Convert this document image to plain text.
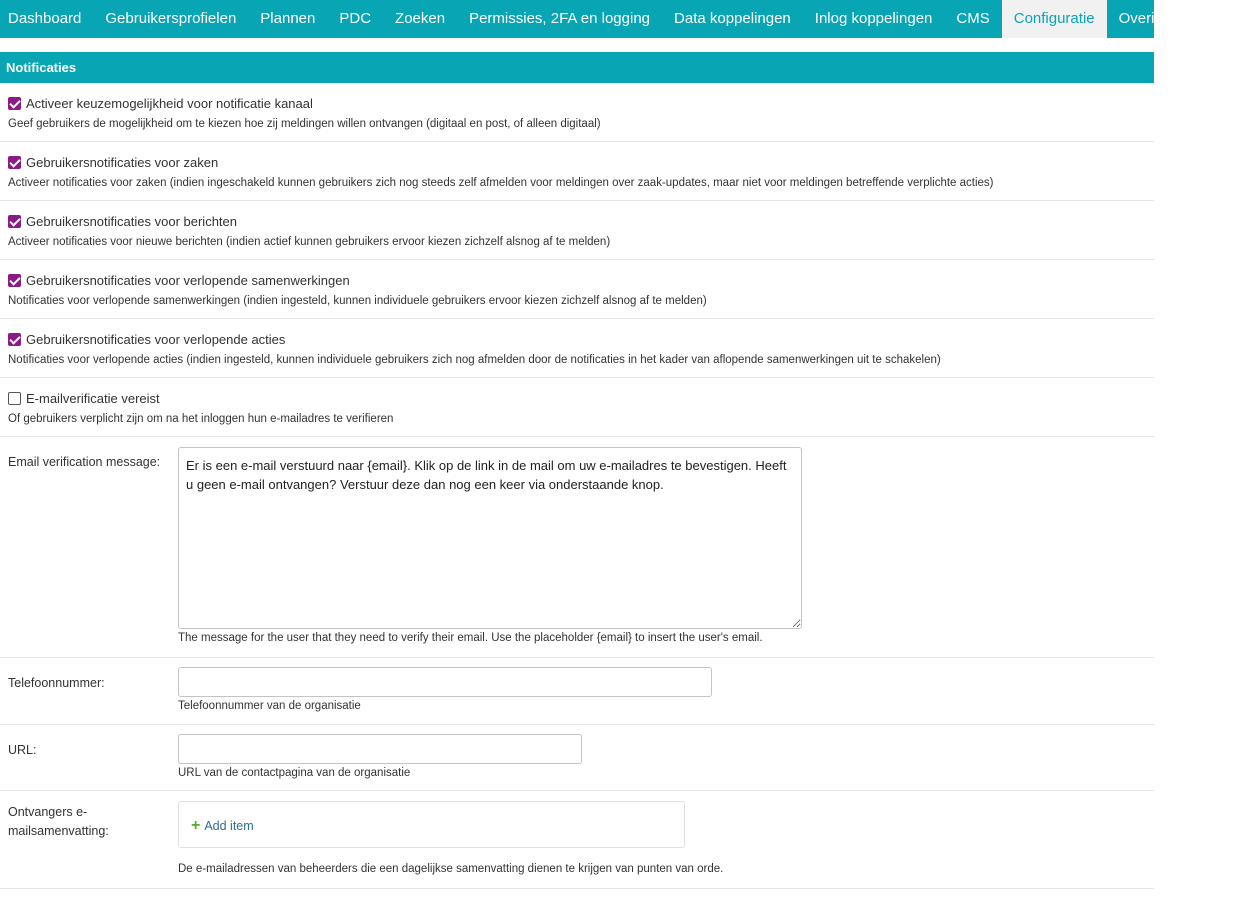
Dashboard	Gebruikersprofielen	Plannen	PDC	Zoeken	Permissies, 2FA en logging	Data koppelingen	Inlog koppelingen	CMS	Configuratie	Overige/Diverse
Notificaties
Activeer keuzemogelijkheid voor notificatie kanaal
Geef gebruikers de mogelijkheid om te kiezen hoe zij meldingen willen ontvangen (digitaal en post, of alleen digitaal)
Gebruikersnotificaties voor zaken
Activeer notificaties voor zaken (indien ingeschakeld kunnen gebruikers zich nog steeds zelf afmelden voor meldingen over zaak-updates, maar niet voor meldingen betreffende verplichte acties)
Gebruikersnotificaties voor berichten
Activeer notificaties voor nieuwe berichten (indien actief kunnen gebruikers ervoor kiezen zichzelf alsnog af te melden)
Gebruikersnotificaties voor verlopende samenwerkingen
Notificaties voor verlopende samenwerkingen (indien ingesteld, kunnen individuele gebruikers ervoor kiezen zichzelf alsnog af te melden)
Gebruikersnotificaties voor verlopende acties
Notificaties voor verlopende acties (indien ingesteld, kunnen individuele gebruikers zich nog afmelden door de notificaties in het kader van aflopende samenwerkingen uit te schakelen)
E-mailverificatie vereist
Of gebruikers verplicht zijn om na het inloggen hun e-mailadres te verifieren
Email verification message:
Er is een e-mail verstuurd naar {email}. Klik op de link in de mail om uw e-mailadres te bevestigen. Heeft u geen e-mail ontvangen? Verstuur deze dan nog een keer via onderstaande knop.
The message for the user that they need to verify their email. Use the placeholder {email} to insert the user's email.
Telefoonnummer:
Telefoonnummer van de organisatie
URL:
URL van de contactpagina van de organisatie
Ontvangers e-mailsamenvatting:	+ Add item
De e-mailadressen van beheerders die een dagelijkse samenvatting dienen te krijgen van punten van orde.
